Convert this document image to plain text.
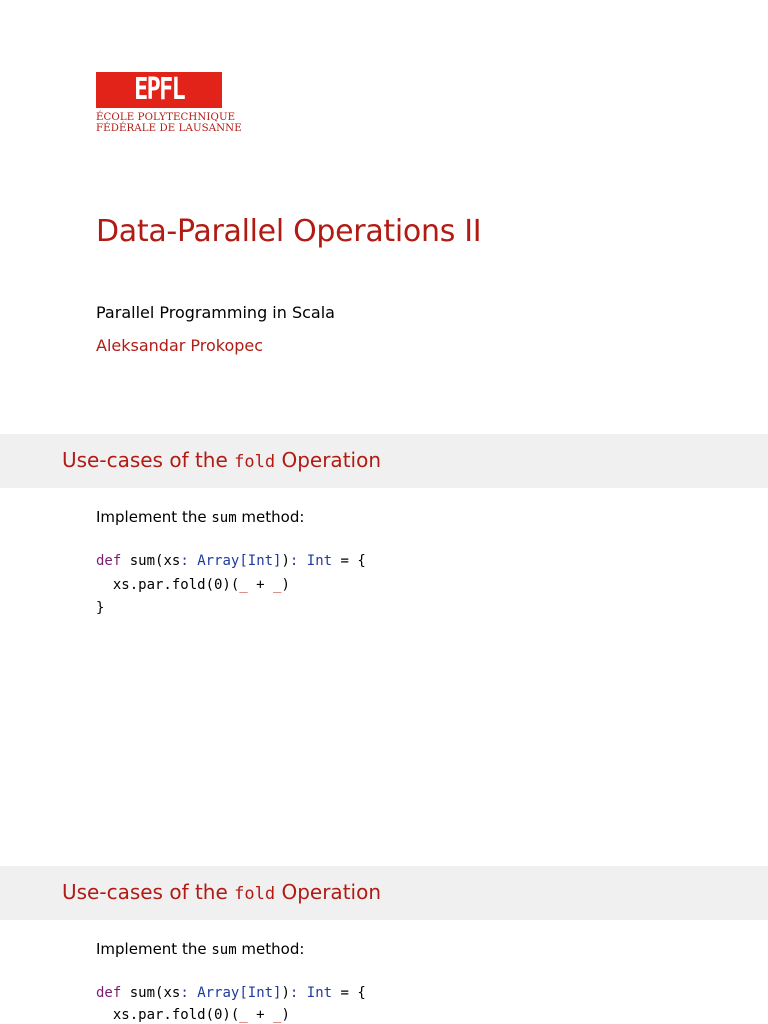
EPFL
ÉCOLE POLYTECHNIQUE
FÉDÉRALE DE LAUSANNE
Data-Parallel Operations II
Parallel Programming in Scala
Aleksandar Prokopec
Use-cases of the fold Operation
Implement the sum method:
def sum(xs: Array[Int]): Int = {
xs.par.fold(0)(_ + _)
}
Use-cases of the fold Operation
Implement the sum method:
def sum(xs: Array[Int]): Int = {
xs.par.fold(0)(_ + _)
